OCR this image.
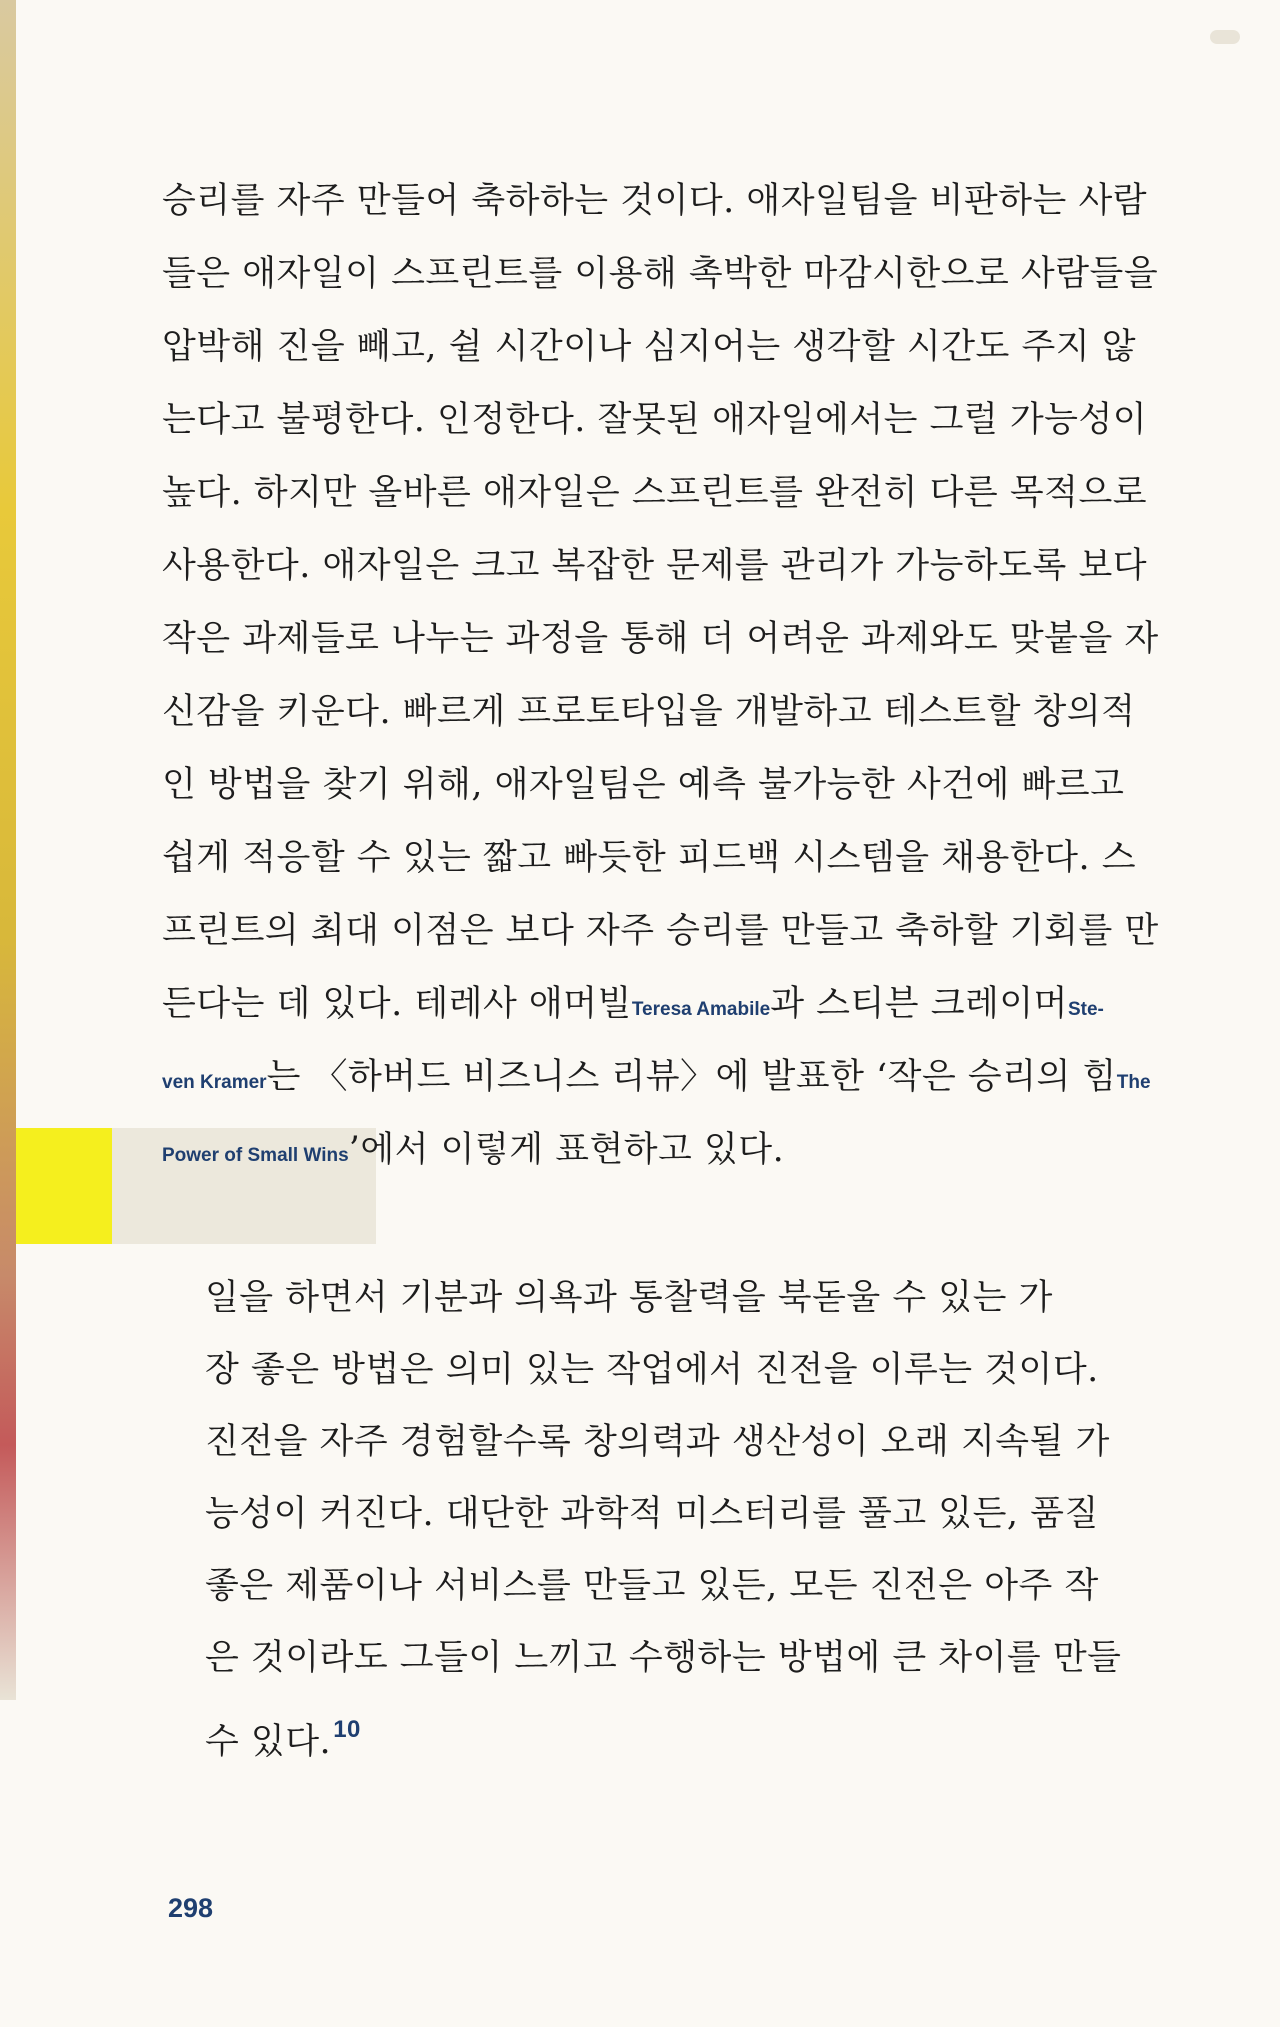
승리를 자주 만들어 축하하는 것이다. 애자일팀을 비판하는 사람
들은 애자일이 스프린트를 이용해 촉박한 마감시한으로 사람들을
압박해 진을 빼고, 쉴 시간이나 심지어는 생각할 시간도 주지 않
는다고 불평한다. 인정한다. 잘못된 애자일에서는 그럴 가능성이
높다. 하지만 올바른 애자일은 스프린트를 완전히 다른 목적으로
사용한다. 애자일은 크고 복잡한 문제를 관리가 가능하도록 보다
작은 과제들로 나누는 과정을 통해 더 어려운 과제와도 맞붙을 자
신감을 키운다. 빠르게 프로토타입을 개발하고 테스트할 창의적
인 방법을 찾기 위해, 애자일팀은 예측 불가능한 사건에 빠르고
쉽게 적응할 수 있는 짧고 빠듯한 피드백 시스템을 채용한다. 스
프린트의 최대 이점은 보다 자주 승리를 만들고 축하할 기회를 만
든다는 데 있다. 테레사 애머빌Teresa Amabile과 스티븐 크레이머Ste-
ven Kramer는 〈하버드 비즈니스 리뷰〉에 발표한 ‘작은 승리의 힘The
Power of Small Wins’에서 이렇게 표현하고 있다.

일을 하면서 기분과 의욕과 통찰력을 북돋울 수 있는 가
장 좋은 방법은 의미 있는 작업에서 진전을 이루는 것이다.
진전을 자주 경험할수록 창의력과 생산성이 오래 지속될 가
능성이 커진다. 대단한 과학적 미스터리를 풀고 있든, 품질
좋은 제품이나 서비스를 만들고 있든, 모든 진전은 아주 작
은 것이라도 그들이 느끼고 수행하는 방법에 큰 차이를 만들
수 있다.$^{10}$
298
